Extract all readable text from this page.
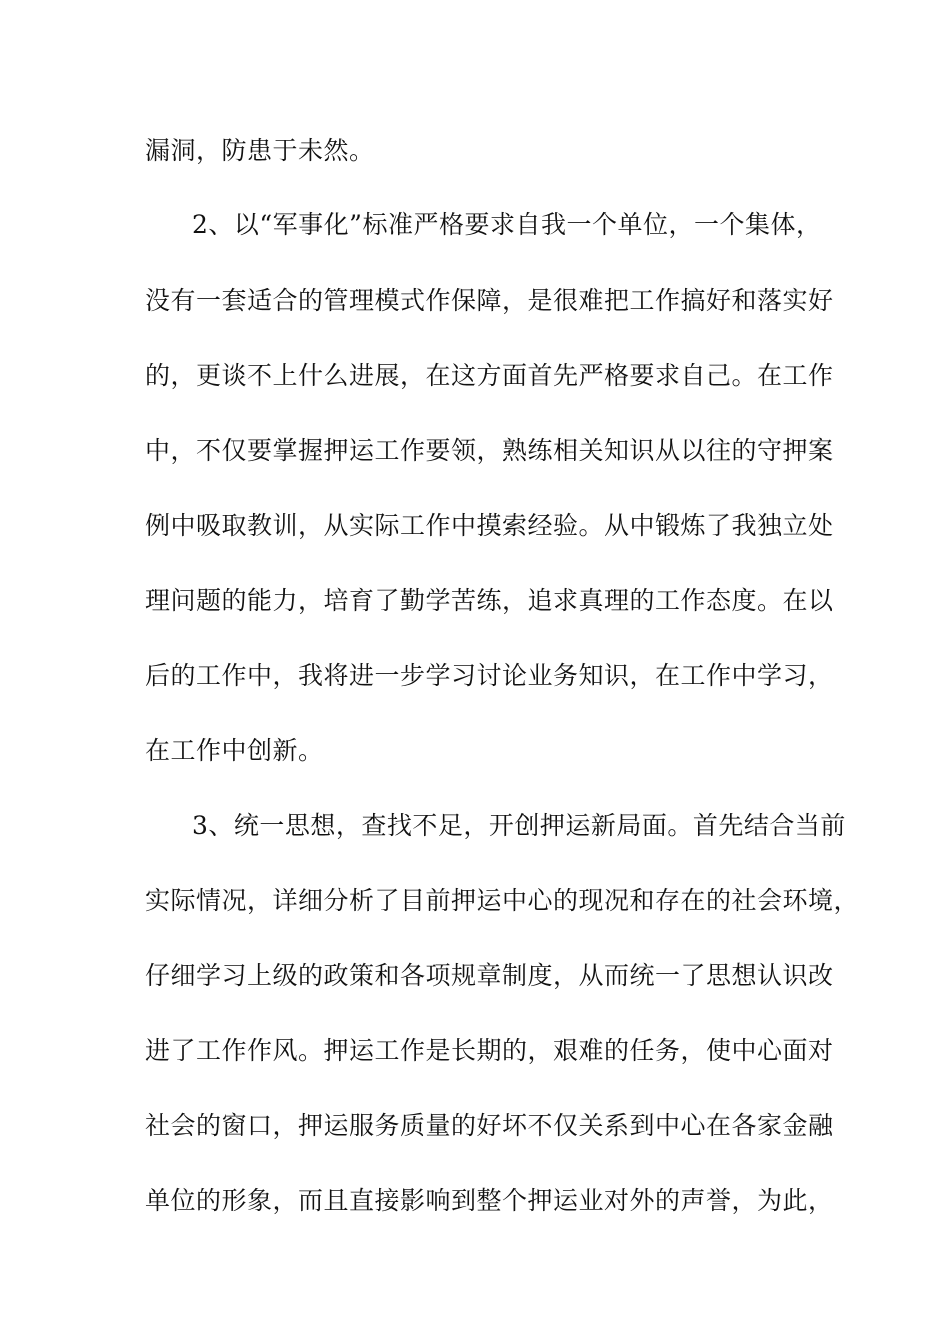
漏洞，防患于未然。
2、以“军事化”标准严格要求自我一个单位，一个集体，
没有一套适合的管理模式作保障，是很难把工作搞好和落实好
的，更谈不上什么进展，在这方面首先严格要求自己。在工作
中，不仅要掌握押运工作要领，熟练相关知识从以往的守押案
例中吸取教训，从实际工作中摸索经验。从中锻炼了我独立处
理问题的能力，培育了勤学苦练，追求真理的工作态度。在以
后的工作中，我将进一步学习讨论业务知识，在工作中学习，
在工作中创新。
3、统一思想，查找不足，开创押运新局面。首先结合当前
实际情况，详细分析了目前押运中心的现况和存在的社会环境，
仔细学习上级的政策和各项规章制度，从而统一了思想认识改
进了工作作风。押运工作是长期的，艰难的任务，使中心面对
社会的窗口，押运服务质量的好坏不仅关系到中心在各家金融
单位的形象，而且直接影响到整个押运业对外的声誉，为此，
